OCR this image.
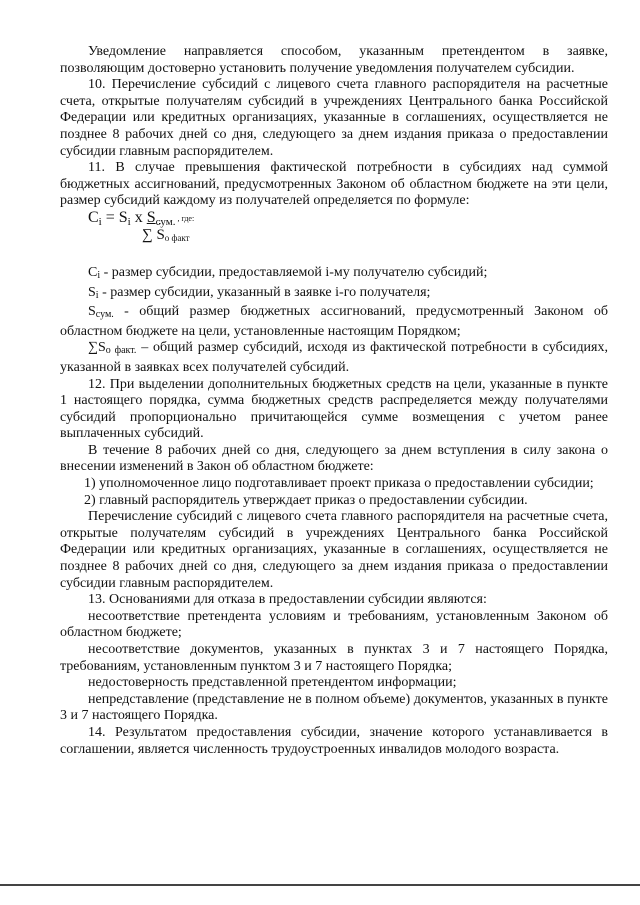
Уведомление направляется способом, указанным претендентом в заявке, позволяющим достоверно установить получение уведомления получателем субсидии.

10. Перечисление субсидий с лицевого счета главного распорядителя на расчетные счета, открытые получателям субсидий в учреждениях Центрального банка Российской Федерации или кредитных организациях, указанные в соглашениях, осуществляется не позднее 8 рабочих дней со дня, следующего за днем издания приказа о предоставлении субсидии главным распорядителем.

11. В случае превышения фактической потребности в субсидиях над суммой бюджетных ассигнований, предусмотренных Законом об областном бюджете на эти цели, размер субсидий каждому из получателей определяется по формуле:

$C_i = S_i$ x $S_{сум.}$ , где:
∑ $S_{о факт}$

Ci - размер субсидии, предоставляемой i-му получателю субсидий;

Si - размер субсидии, указанный в заявке i-го получателя;

Sсум. - общий размер бюджетных ассигнований, предусмотренный Законом об областном бюджете на цели, установленные настоящим Порядком;

∑Sо факт. – общий размер субсидий, исходя из фактической потребности в субсидиях, указанной в заявках всех получателей субсидий.

12. При выделении дополнительных бюджетных средств на цели, указанные в пункте 1 настоящего порядка, сумма бюджетных средств распределяется между получателями субсидий пропорционально причитающейся сумме возмещения с учетом ранее выплаченных субсидий.

В течение 8 рабочих дней со дня, следующего за днем вступления в силу закона о внесении изменений в Закон об областном бюджете:

1) уполномоченное лицо подготавливает проект приказа о предоставлении субсидии;

2) главный распорядитель утверждает приказ о предоставлении субсидии.

Перечисление субсидий с лицевого счета главного распорядителя на расчетные счета, открытые получателям субсидий в учреждениях Центрального банка Российской Федерации или кредитных организациях, указанные в соглашениях, осуществляется не позднее 8 рабочих дней со дня, следующего за днем издания приказа о предоставлении субсидии главным распорядителем.

13. Основаниями для отказа в предоставлении субсидии являются:

несоответствие претендента условиям и требованиям, установленным Законом об областном бюджете;

несоответствие документов, указанных в пунктах 3 и 7 настоящего Порядка, требованиям, установленным пунктом 3 и 7 настоящего Порядка;

недостоверность представленной претендентом информации;

непредставление (представление не в полном объеме) документов, указанных в пункте 3 и 7 настоящего Порядка.

14. Результатом предоставления субсидии, значение которого устанавливается в соглашении, является численность трудоустроенных инвалидов молодого возраста.
